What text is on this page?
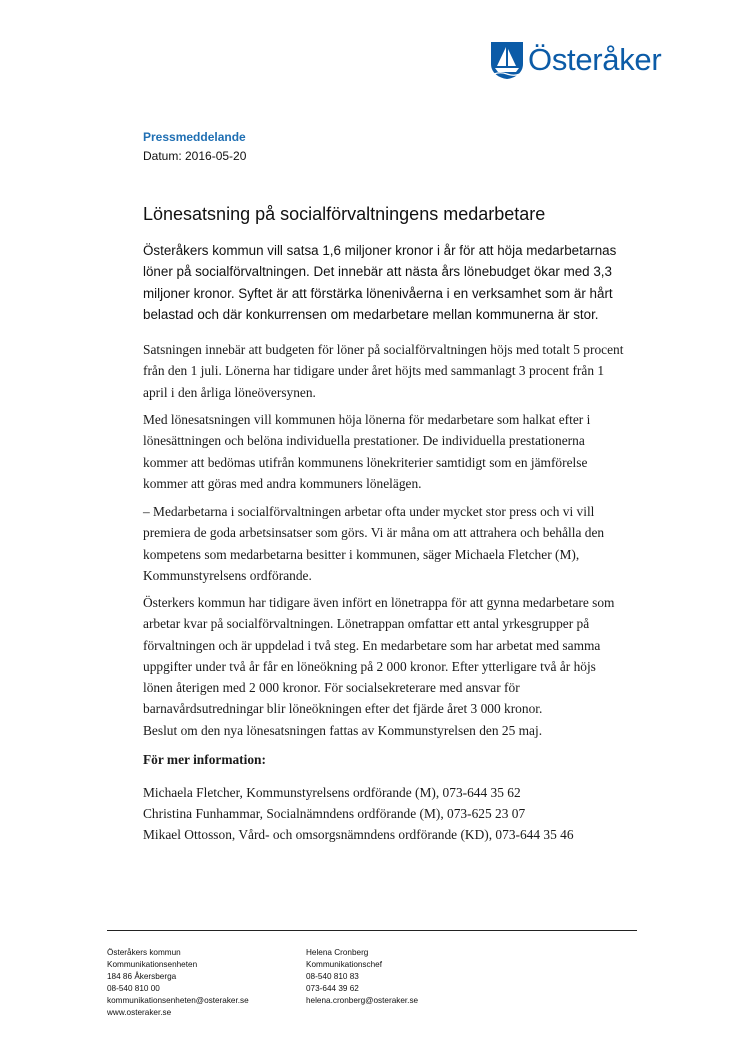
Österåker
Pressmeddelande
Datum: 2016-05-20
Lönesatsning på socialförvaltningens medarbetare
Österåkers kommun vill satsa 1,6 miljoner kronor i år för att höja medarbetarnas löner på socialförvaltningen. Det innebär att nästa års lönebudget ökar med 3,3 miljoner kronor. Syftet är att förstärka lönenivåerna i en verksamhet som är hårt belastad och där konkurrensen om medarbetare mellan kommunerna är stor.
Satsningen innebär att budgeten för löner på socialförvaltningen höjs med totalt 5 procent från den 1 juli. Lönerna har tidigare under året höjts med sammanlagt 3 procent från 1 april i den årliga löneöversynen.
Med lönesatsningen vill kommunen höja lönerna för medarbetare som halkat efter i lönesättningen och belöna individuella prestationer. De individuella prestationerna kommer att bedömas utifrån kommunens lönekriterier samtidigt som en jämförelse kommer att göras med andra kommuners lönelägen.
– Medarbetarna i socialförvaltningen arbetar ofta under mycket stor press och vi vill premiera de goda arbetsinsatser som görs. Vi är måna om att attrahera och behålla den kompetens som medarbetarna besitter i kommunen, säger Michaela Fletcher (M), Kommunstyrelsens ordförande.
Österkers kommun har tidigare även infört en lönetrappa för att gynna medarbetare som arbetar kvar på socialförvaltningen. Lönetrappan omfattar ett antal yrkesgrupper på förvaltningen och är uppdelad i två steg. En medarbetare som har arbetat med samma uppgifter under två år får en löneökning på 2 000 kronor. Efter ytterligare två år höjs lönen återigen med 2 000 kronor. För socialsekreterare med ansvar för barnavårdsutredningar blir löneökningen efter det fjärde året 3 000 kronor.
Beslut om den nya lönesatsningen fattas av Kommunstyrelsen den 25 maj.
För mer information:
Michaela Fletcher, Kommunstyrelsens ordförande (M), 073-644 35 62
Christina Funhammar, Socialnämndens ordförande (M), 073-625 23 07
Mikael Ottosson, Vård- och omsorgsnämndens ordförande (KD), 073-644 35 46
Österåkers kommun
Kommunikationsenheten
184 86 Åkersberga
08-540 810 00
kommunikationsenheten@osteraker.se
www.osteraker.se
Helena Cronberg
Kommunikationschef
08-540 810 83
073-644 39 62
helena.cronberg@osteraker.se
